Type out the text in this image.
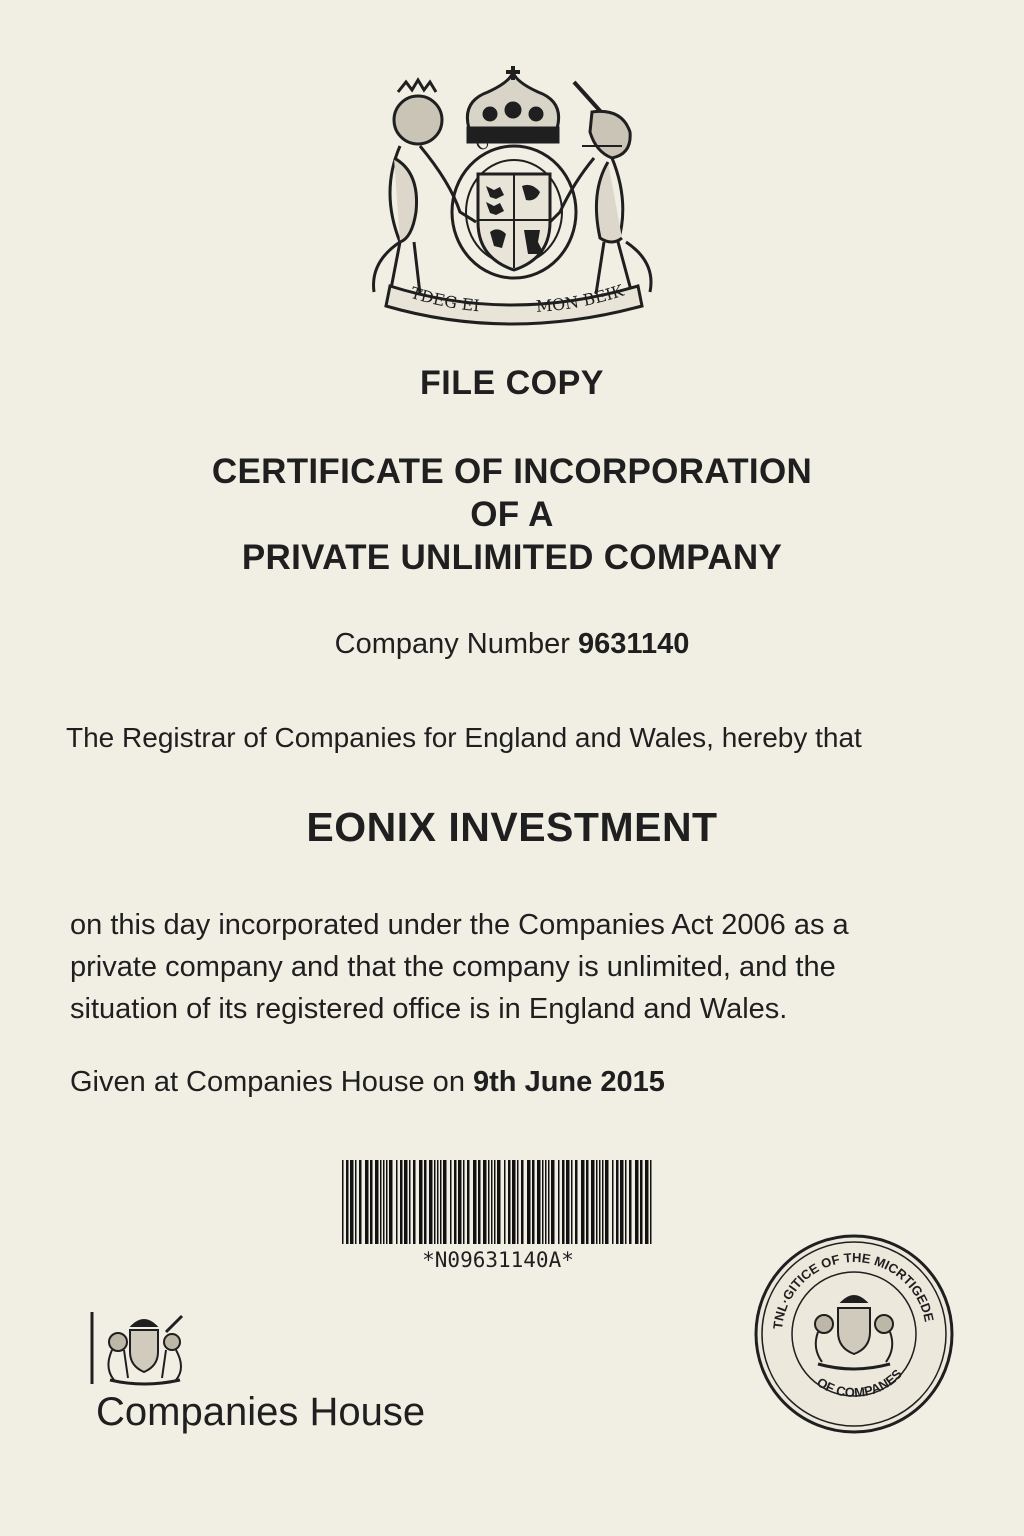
CUTIA
TDEG EI	MON BEIK
FILE COPY
CERTIFICATE OF INCORPORATION
OF A
PRIVATE UNLIMITED COMPANY
Company Number 9631140
The Registrar of Companies for England and Wales, hereby that
EONIX INVESTMENT
on this day incorporated under the Companies Act 2006 as a
private company and that the company is unlimited, and the
situation of its registered office is in England and Wales.
Given at Companies House on 9th June 2015
*N09631140A*
Companies House
TNL·GITICE OF THE MICRTIGEDE
OF COMPANES
